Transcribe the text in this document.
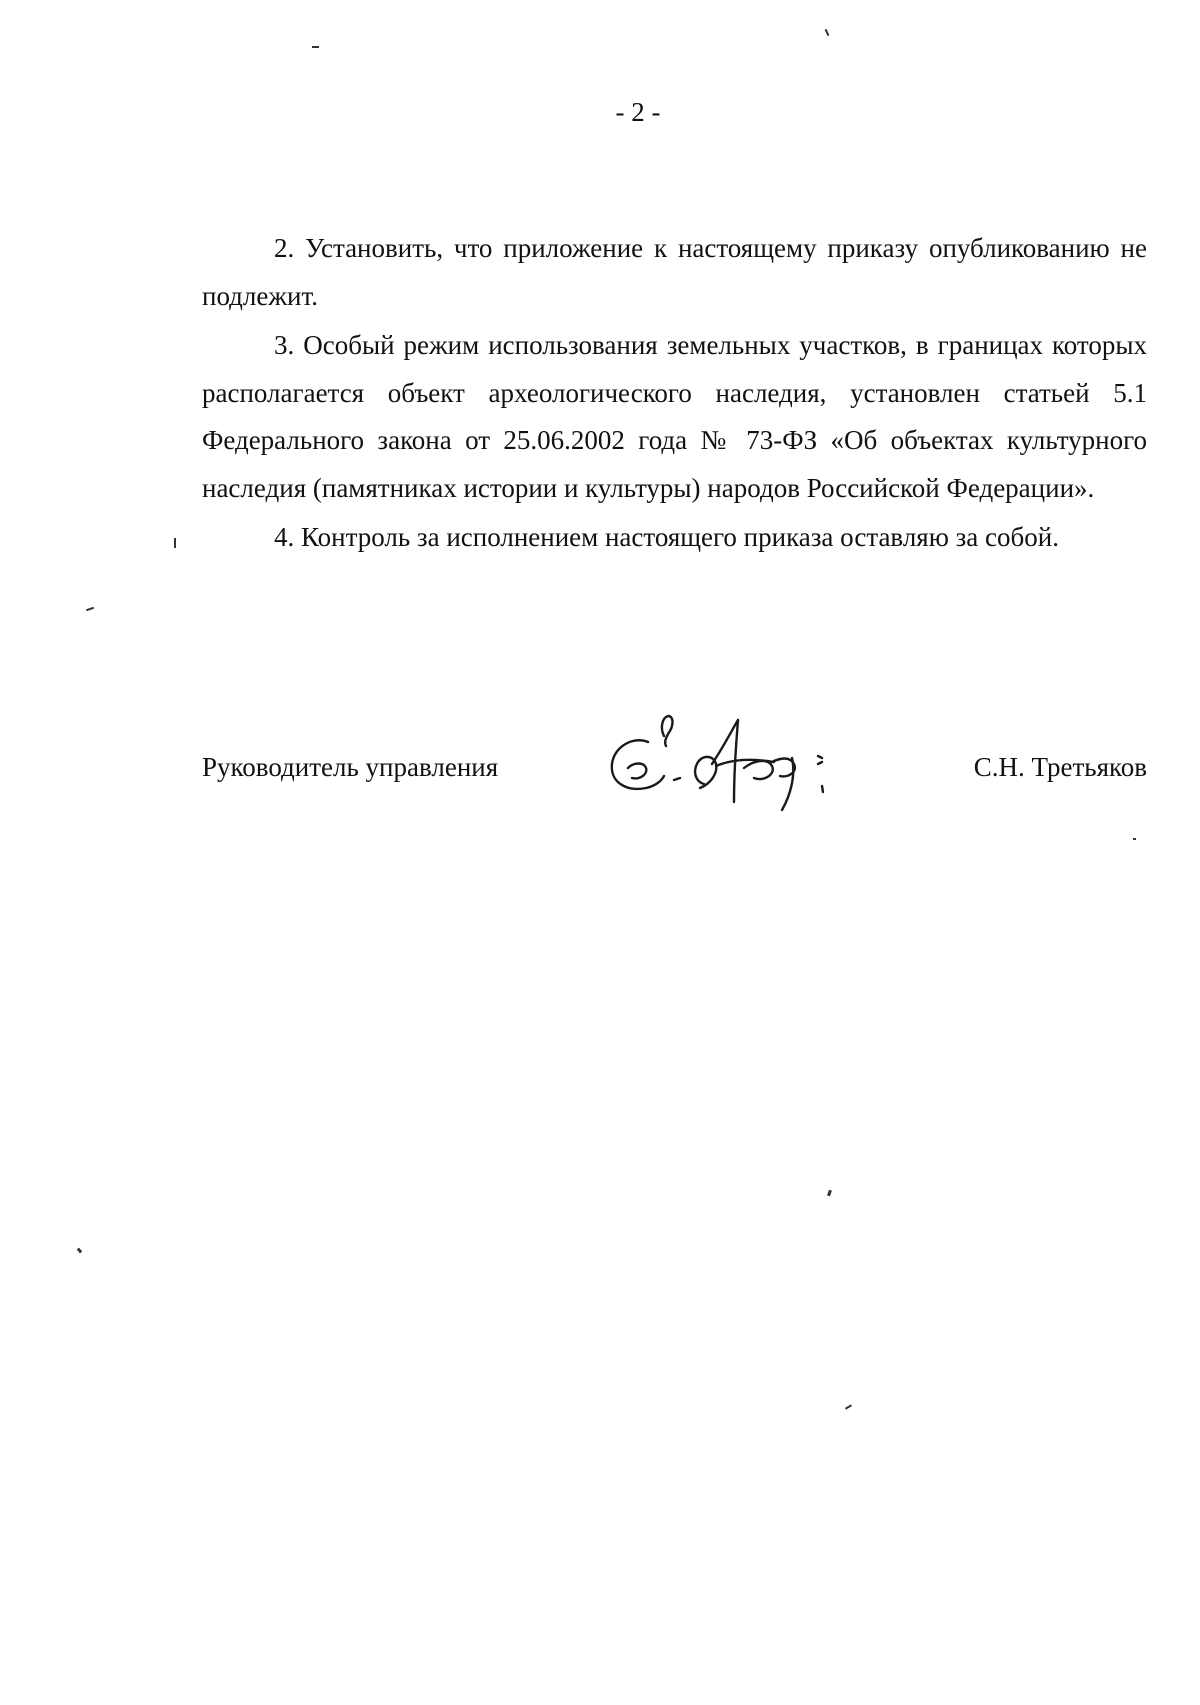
- 2 -

2. Установить, что приложение к настоящему приказу опубликованию не подлежит.

3. Особый режим использования земельных участков, в границах которых располагается объект археологического наследия, установлен статьей 5.1 Федерального закона от 25.06.2002 года № 73-ФЗ «Об объектах культурного наследия (памятниках истории и культуры) народов Российской Федерации».

4. Контроль за исполнением настоящего приказа оставляю за собой.

Руководитель управления	С.Н. Третьяков
